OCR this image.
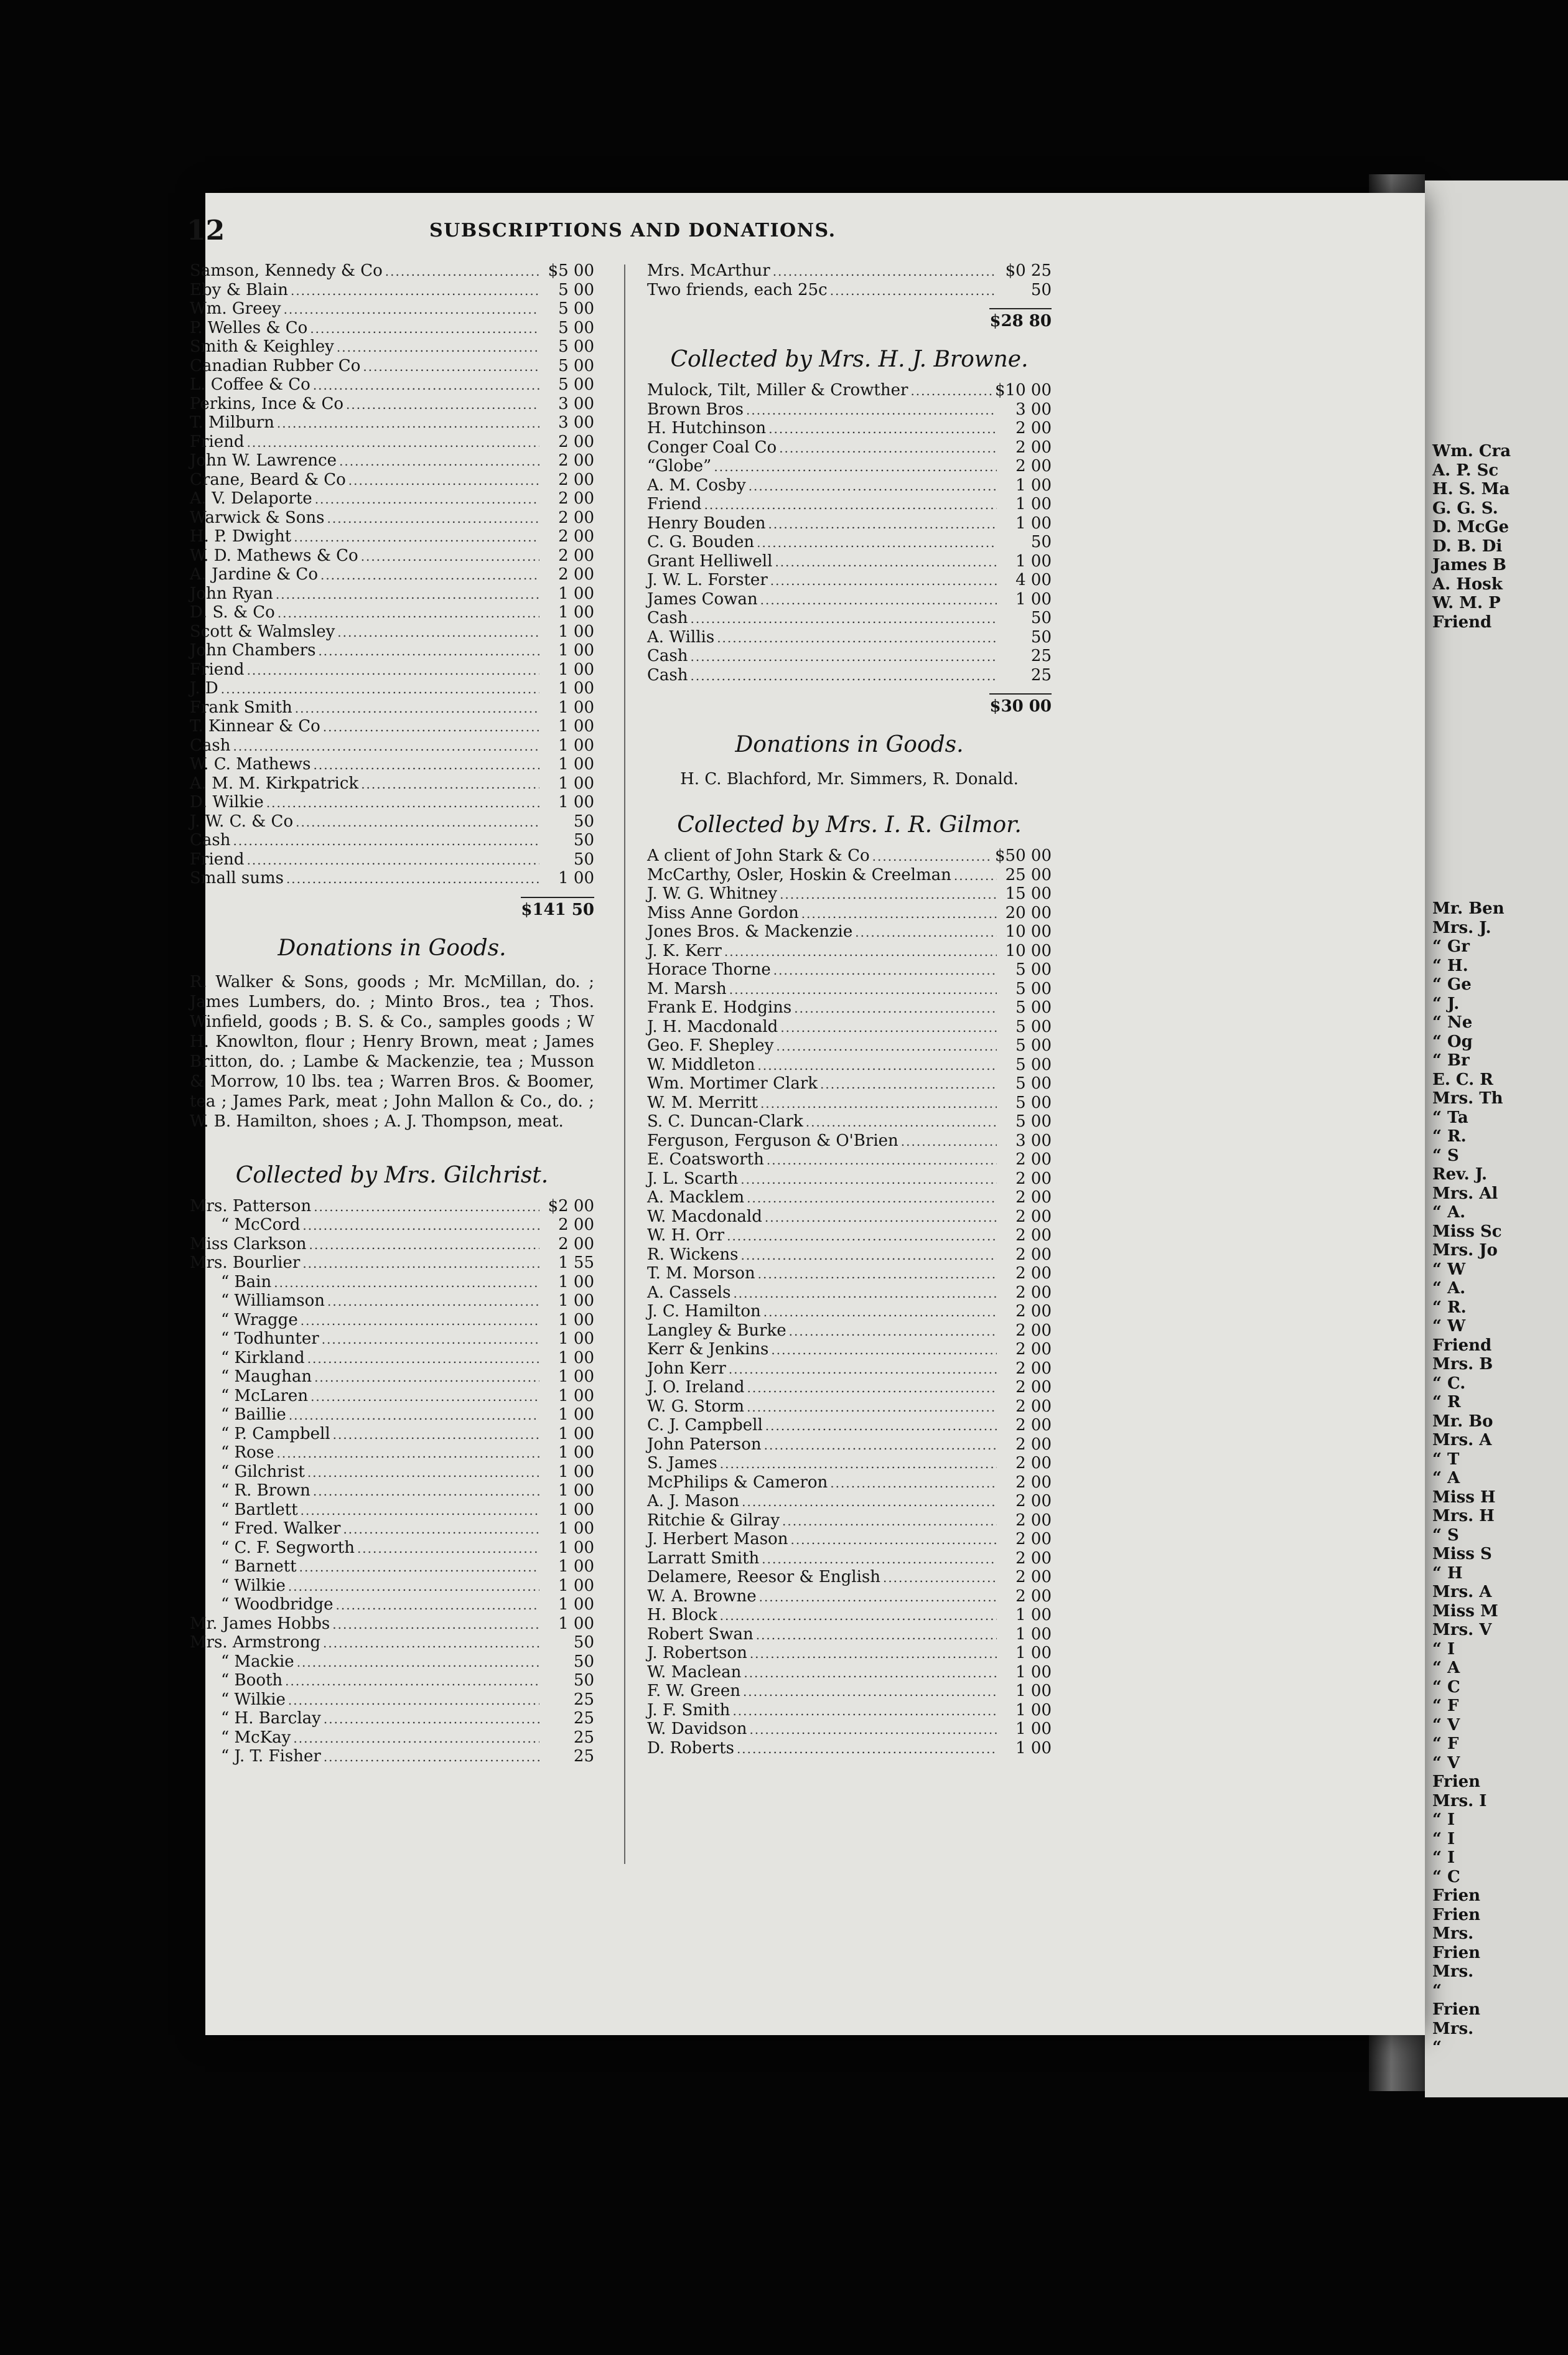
Wm. Cra
A. P. Sc
H. S. Ma
G. G. S.
D. McGe
D. B. Di
James B
A. Hosk
W. M. P
Friend
Mr. Ben
Mrs. J.
“ Gr
“ H.
“ Ge
“ J.
“ Ne
“ Og
“ Br
E. C. R
Mrs. Th
“ Ta
“ R.
“ S
Rev. J.
Mrs. Al
“ A.
Miss Sc
Mrs. Jo
“ W
“ A.
“ R.
“ W
Friend
Mrs. B
“ C.
“ R
Mr. Bo
Mrs. A
“ T
“ A
Miss H
Mrs. H
“ S
Miss S
“ H
Mrs. A
Miss M
Mrs. V
“ I
“ A
“ C
“ F
“ V
“ F
“ V
Frien
Mrs. I
“ I
“ I
“ I
“ C
Frien
Frien
Mrs.
Frien
Mrs.
“
Frien
Mrs.
“
12	SUBSCRIPTIONS AND DONATIONS.
Samson, Kennedy & Co .....	$5 00
Eby & Blain .....	5 00
Wm. Greey .....	5 00
P. Welles & Co .....	5 00
Smith & Keighley .....	5 00
Canadian Rubber Co .....	5 00
L. Coffee & Co .....	5 00
Perkins, Ince & Co .....	3 00
T. Milburn .....	3 00
Friend .....	2 00
John W. Lawrence .....	2 00
Crane, Beard & Co .....	2 00
A. V. Delaporte .....	2 00
Warwick & Sons .....	2 00
H. P. Dwight .....	2 00
W. D. Mathews & Co .....	2 00
A. Jardine & Co .....	2 00
John Ryan .....	1 00
D. S. & Co .....	1 00
Scott & Walmsley .....	1 00
John Chambers .....	1 00
Friend .....	1 00
J. D .....	1 00
Frank Smith .....	1 00
T. Kinnear & Co .....	1 00
Cash .....	1 00
W. C. Mathews .....	1 00
A. M. M. Kirkpatrick .....	1 00
D. Wilkie .....	1 00
J. W. C. & Co .....	50
Cash .....	50
Friend .....	50
Small sums .....	1 00
$141 50
Donations in Goods.
R. Walker & Sons, goods ; Mr. McMillan, do. ; James Lumbers, do. ; Minto Bros., tea ; Thos. Winfield, goods ; B. S. & Co., samples goods ; W H. Knowlton, flour ; Henry Brown, meat ; James Britton, do. ; Lambe & Mackenzie, tea ; Musson & Morrow, 10 lbs. tea ; Warren Bros. & Boomer, tea ; James Park, meat ; John Mallon & Co., do. ; W. B. Hamilton, shoes ; A. J. Thompson, meat.
Collected by Mrs. Gilchrist.
Mrs. Patterson .....	$2 00
“ McCord .....	2 00
Miss Clarkson .....	2 00
Mrs. Bourlier .....	1 55
“ Bain .....	1 00
“ Williamson .....	1 00
“ Wragge .....	1 00
“ Todhunter .....	1 00
“ Kirkland .....	1 00
“ Maughan .....	1 00
“ McLaren .....	1 00
“ Baillie .....	1 00
“ P. Campbell .....	1 00
“ Rose .....	1 00
“ Gilchrist .....	1 00
“ R. Brown .....	1 00
“ Bartlett .....	1 00
“ Fred. Walker .....	1 00
“ C. F. Segworth .....	1 00
“ Barnett .....	1 00
“ Wilkie .....	1 00
“ Woodbridge .....	1 00
Mr. James Hobbs .....	1 00
Mrs. Armstrong .....	50
“ Mackie .....	50
“ Booth .....	50
“ Wilkie .....	25
“ H. Barclay .....	25
“ McKay .....	25
“ J. T. Fisher .....	25
Mrs. McArthur .....	$0 25
Two friends, each 25c .....	50
$28 80
Collected by Mrs. H. J. Browne.
Mulock, Tilt, Miller & Crowther .....	$10 00
Brown Bros .....	3 00
H. Hutchinson .....	2 00
Conger Coal Co .....	2 00
“Globe” .....	2 00
A. M. Cosby .....	1 00
Friend .....	1 00
Henry Bouden .....	1 00
C. G. Bouden .....	50
Grant Helliwell .....	1 00
J. W. L. Forster .....	4 00
James Cowan .....	1 00
Cash .....	50
A. Willis .....	50
Cash .....	25
Cash .....	25
$30 00
Donations in Goods.
H. C. Blachford, Mr. Simmers, R. Donald.
Collected by Mrs. I. R. Gilmor.
A client of John Stark & Co .....	$50 00
McCarthy, Osler, Hoskin & Creelman .....	25 00
J. W. G. Whitney .....	15 00
Miss Anne Gordon .....	20 00
Jones Bros. & Mackenzie .....	10 00
J. K. Kerr .....	10 00
Horace Thorne .....	5 00
M. Marsh .....	5 00
Frank E. Hodgins .....	5 00
J. H. Macdonald .....	5 00
Geo. F. Shepley .....	5 00
W. Middleton .....	5 00
Wm. Mortimer Clark .....	5 00
W. M. Merritt .....	5 00
S. C. Duncan-Clark .....	5 00
Ferguson, Ferguson & O'Brien .....	3 00
E. Coatsworth .....	2 00
J. L. Scarth .....	2 00
A. Macklem .....	2 00
W. Macdonald .....	2 00
W. H. Orr .....	2 00
R. Wickens .....	2 00
T. M. Morson .....	2 00
A. Cassels .....	2 00
J. C. Hamilton .....	2 00
Langley & Burke .....	2 00
Kerr & Jenkins .....	2 00
John Kerr .....	2 00
J. O. Ireland .....	2 00
W. G. Storm .....	2 00
C. J. Campbell .....	2 00
John Paterson .....	2 00
S. James .....	2 00
McPhilips & Cameron .....	2 00
A. J. Mason .....	2 00
Ritchie & Gilray .....	2 00
J. Herbert Mason .....	2 00
Larratt Smith .....	2 00
Delamere, Reesor & English .....	2 00
W. A. Browne .....	2 00
H. Block .....	1 00
Robert Swan .....	1 00
J. Robertson .....	1 00
W. Maclean .....	1 00
F. W. Green .....	1 00
J. F. Smith .....	1 00
W. Davidson .....	1 00
D. Roberts .....	1 00
